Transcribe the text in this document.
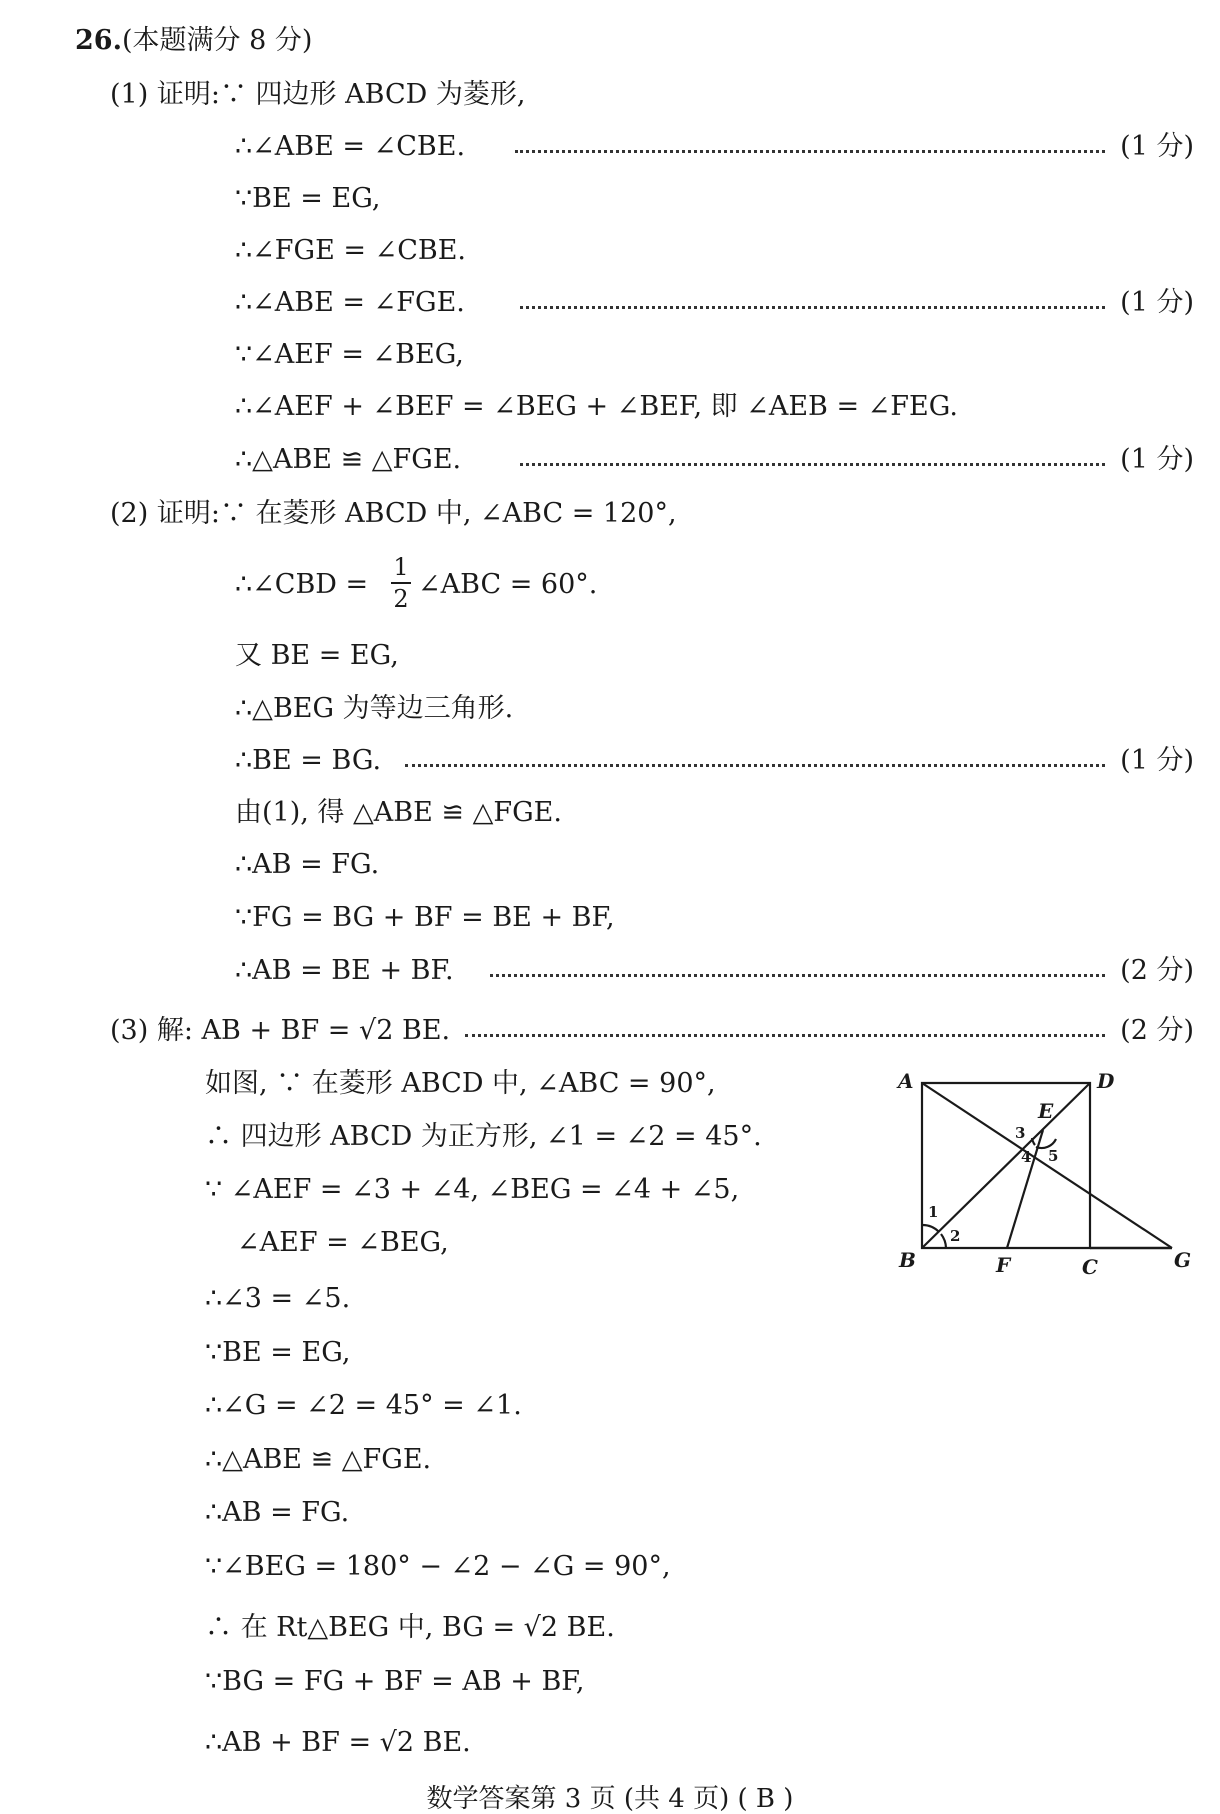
26.(本题满分 8 分)
(1) 证明:∵ 四边形 ABCD 为菱形,
∴∠ABE = ∠CBE.	(1 分)
∵BE = EG,
∴∠FGE = ∠CBE.
∴∠ABE = ∠FGE.	(1 分)
∵∠AEF = ∠BEG,
∴∠AEF + ∠BEF = ∠BEG + ∠BEF, 即 ∠AEB = ∠FEG.
∴△ABE ≌ △FGE.	(1 分)
(2) 证明:∵ 在菱形 ABCD 中, ∠ABC = 120°,
∴∠CBD =
1
2 ∠ABC = 60°.
又 BE = EG,
∴△BEG 为等边三角形.
∴BE = BG.	(1 分)
由(1), 得 △ABE ≌ △FGE.
∴AB = FG.
∵FG = BG + BF = BE + BF,
∴AB = BE + BF.	(2 分)
(3) 解: AB + BF = √2 BE.	(2 分)
如图, ∵ 在菱形 ABCD 中, ∠ABC = 90°,
∴ 四边形 ABCD 为正方形, ∠1 = ∠2 = 45°.
∵ ∠AEF = ∠3 + ∠4, ∠BEG = ∠4 + ∠5,
∠AEF = ∠BEG,
∴∠3 = ∠5.
∵BE = EG,
∴∠G = ∠2 = 45° = ∠1.
∴△ABE ≌ △FGE.
∴AB = FG.
∵∠BEG = 180° − ∠2 − ∠G = 90°,
∴ 在 Rt△BEG 中, BG = √2 BE.
∵BG = FG + BF = AB + BF,
∴AB + BF = √2 BE.
A	D
E
B	F	C	G
1
2
3
4 5
数学答案第 3 页 (共 4 页) ( B )
